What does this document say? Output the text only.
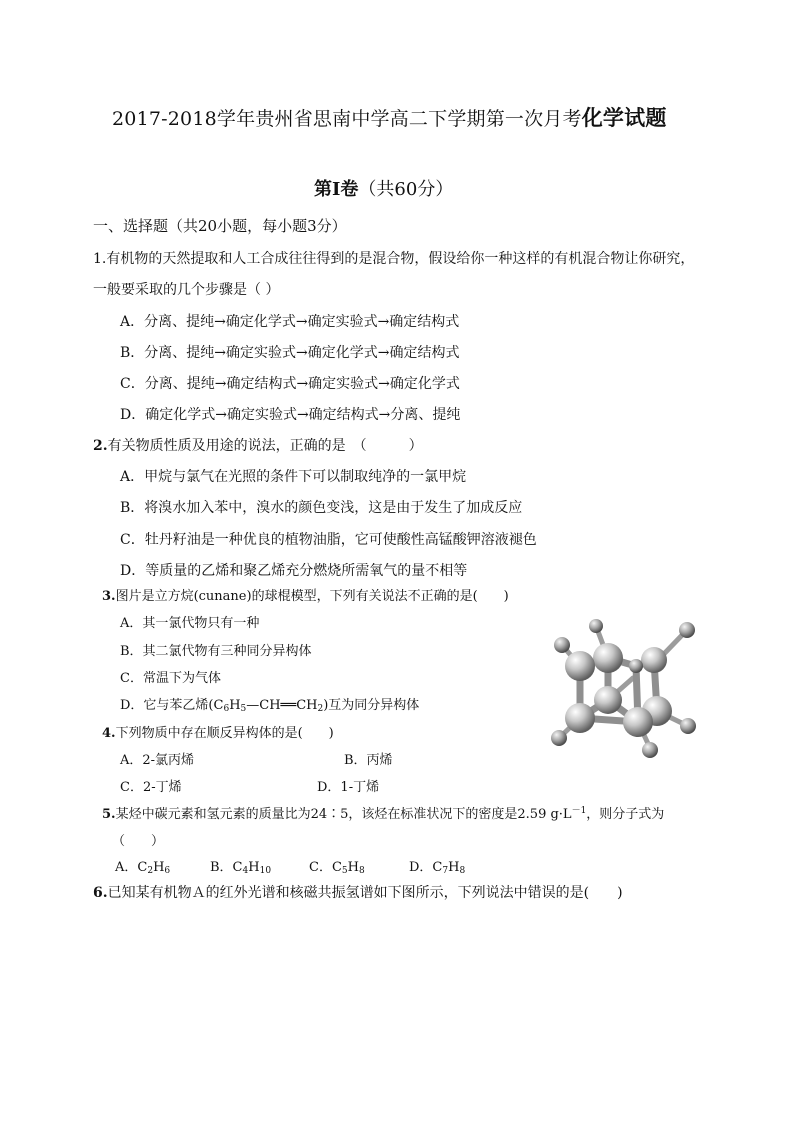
2017-2018学年贵州省思南中学高二下学期第一次月考化学试题
第Ⅰ卷（共60分）
一、选择题（共20小题，每小题3分）
1.有机物的天然提取和人工合成往往得到的是混合物，假设给你一种这样的有机混合物让你研究，
一般要采取的几个步骤是（ ）
A．分离、提纯→确定化学式→确定实验式→确定结构式
B．分离、提纯→确定实验式→确定化学式→确定结构式
C．分离、提纯→确定结构式→确定实验式→确定化学式
D．确定化学式→确定实验式→确定结构式→分离、提纯
2.有关物质性质及用途的说法，正确的是　（　　　）
A．甲烷与氯气在光照的条件下可以制取纯净的一氯甲烷
B．将溴水加入苯中，溴水的颜色变浅，这是由于发生了加成反应
C．牡丹籽油是一种优良的植物油脂，它可使酸性高锰酸钾溶液褪色
D．等质量的乙烯和聚乙烯充分燃烧所需氧气的量不相等
3.图片是立方烷(cunane)的球棍模型，下列有关说法不正确的是(　　)
A．其一氯代物只有一种
B．其二氯代物有三种同分异构体
C．常温下为气体
D．它与苯乙烯$(C_6H_5—CH══CH_2)$互为同分异构体
4.下列物质中存在顺反异构体的是(　　)
A．2-氯丙烯	B．丙烯
C．2-丁烯	D．1-丁烯
5.某烃中碳元素和氢元素的质量比为24∶5，该烃在标准状况下的密度是2.59 $g\cdot L^{-1}$，则分子式为
（　　）
A．$C_2H_6$	B．$C_4H_{10}$	C．$C_5H_8$	D．$C_7H_8$
6.已知某有机物Ａ的红外光谱和核磁共振氢谱如下图所示，下列说法中错误的是(　　)
